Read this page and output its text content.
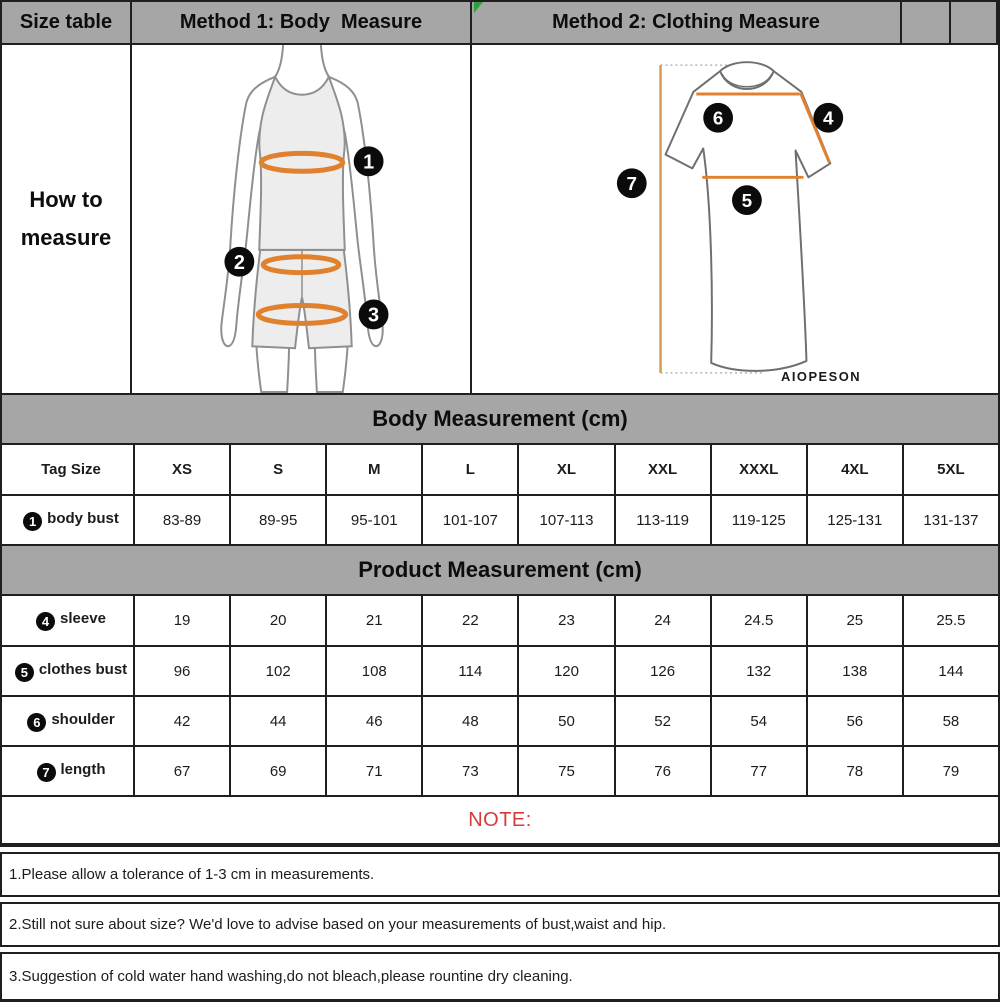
Size table	Method 1: Body  Measure	Method 2: Clothing Measure
How to
measure
1
2
3
6	4
5
7
AIOPESON
Body Measurement (cm)
Tag Size	XS	S	M	L	XL	XXL	XXXL	4XL	5XL
1 body bust	83-89	89-95	95-101	101-107	107-113	113-119	119-125	125-131	131-137
Product Measurement (cm)
4 sleeve	19	20	21	22	23	24	24.5	25	25.5
5 clothes bust	96	102	108	114	120	126	132	138	144
6 shoulder	42	44	46	48	50	52	54	56	58
7 length	67	69	71	73	75	76	77	78	79
NOTE:
1.Please allow a tolerance of 1-3 cm in measurements.
2.Still not sure about size? We'd love to advise based on your measurements of bust,waist and hip.
3.Suggestion of cold water hand washing,do not bleach,please rountine dry cleaning.
